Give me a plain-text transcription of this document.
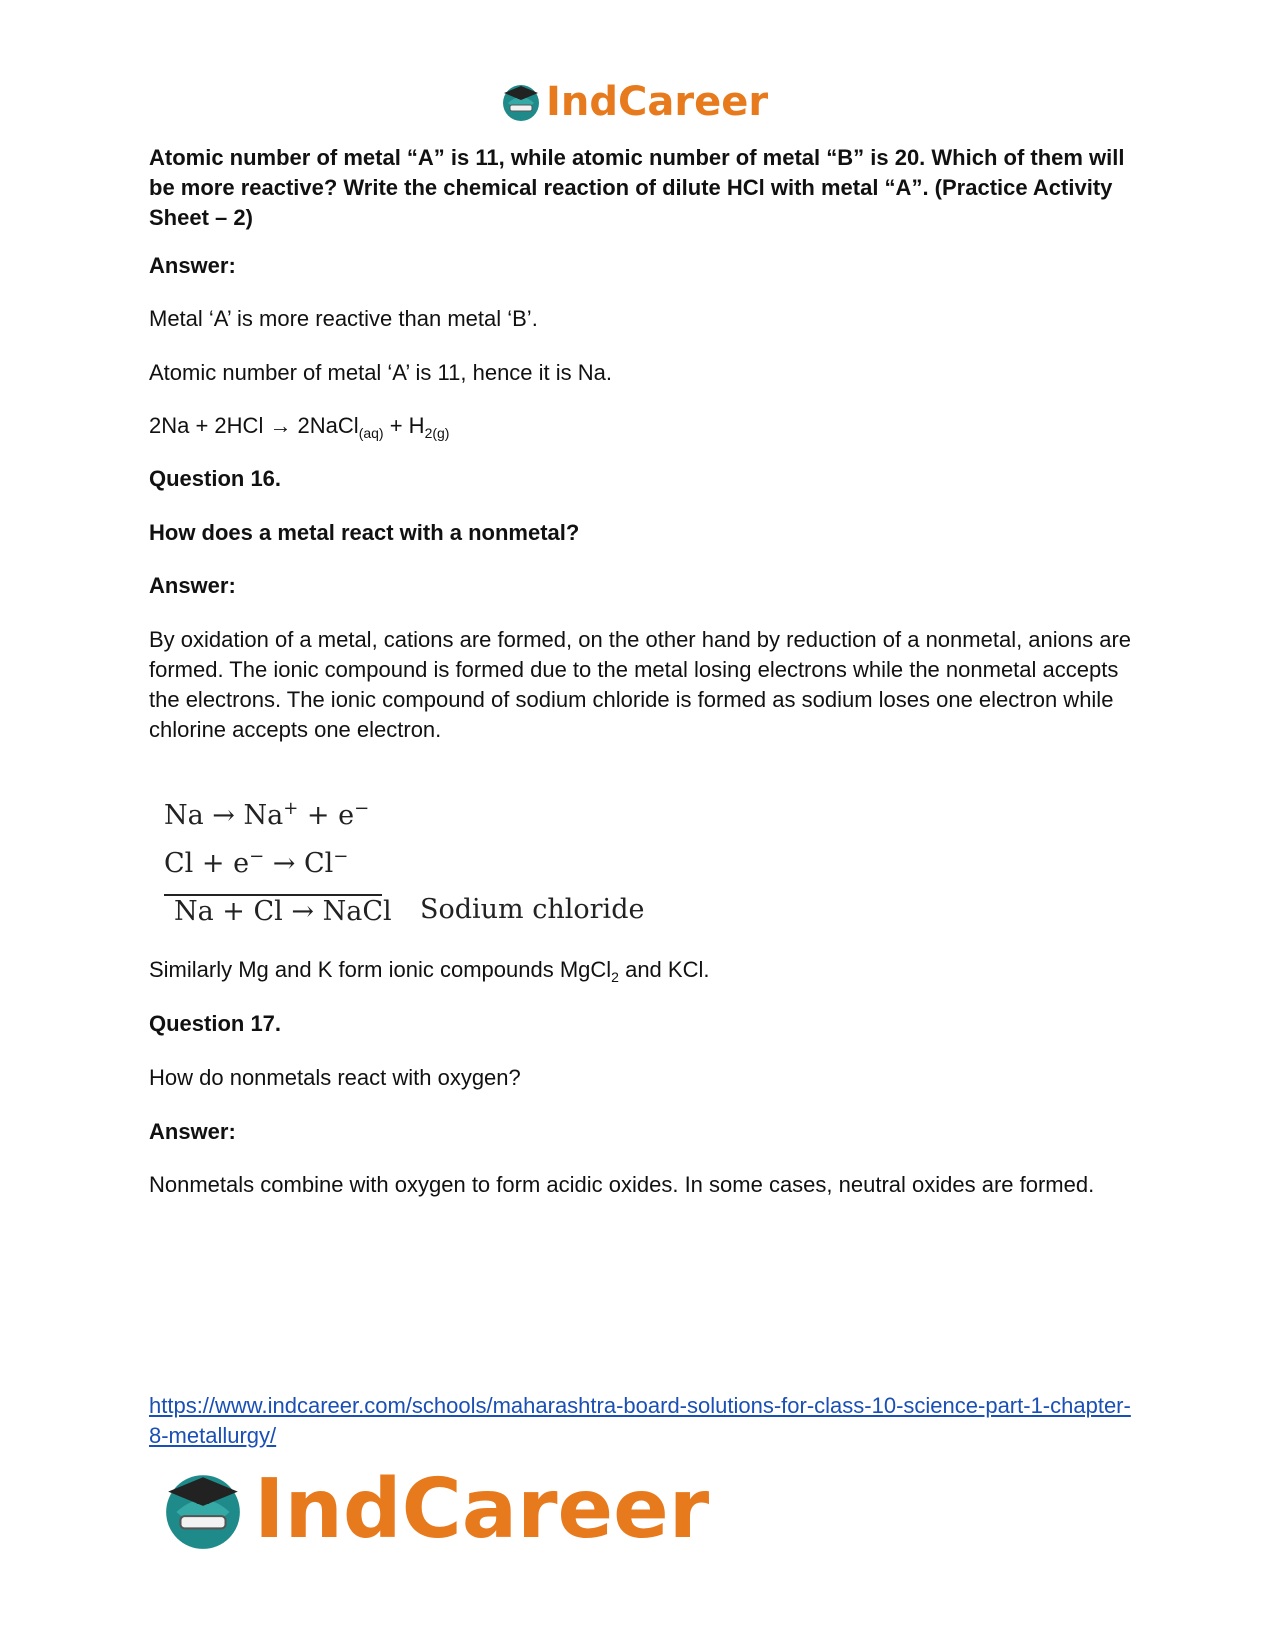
IndCareer
Atomic number of metal “A” is 11, while atomic number of metal “B” is 20. Which of them will be more reactive? Write the chemical reaction of dilute HCl with metal “A”. (Practice Activity Sheet – 2)
Answer:
Metal ‘A’ is more reactive than metal ‘B’.
Atomic number of metal ‘A’ is 11, hence it is Na.
2Na + 2HCl → 2NaCl$_{(aq)}$ + $H_{2(g)}$
Question 16.
How does a metal react with a nonmetal?
Answer:
By oxidation of a metal, cations are formed, on the other hand by reduction of a nonmetal, anions are formed. The ionic compound is formed due to the metal losing electrons while the nonmetal accepts the electrons. The ionic compound of sodium chloride is formed as sodium loses one electron while chlorine accepts one electron.
Na → Na+ + e−
Cl + e− → Cl−
Na + Cl → NaCl Sodium chloride
Similarly Mg and K form ionic compounds MgCl$_2$ and KCl.
Question 17.
How do nonmetals react with oxygen?
Answer:
Nonmetals combine with oxygen to form acidic oxides. In some cases, neutral oxides are formed.
https://www.indcareer.com/schools/maharashtra-board-solutions-for-class-10-science-part-1-chapter-8-metallurgy/
IndCareer
